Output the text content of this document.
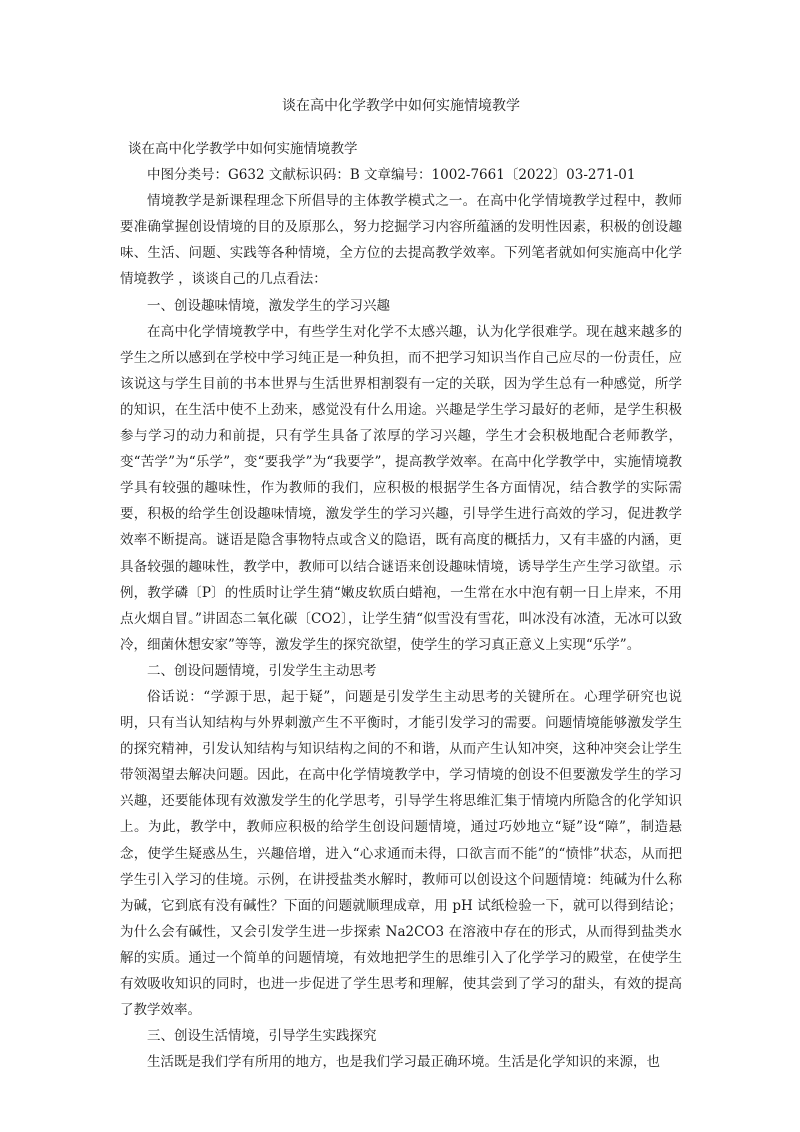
谈在高中化学教学中如何实施情境教学

谈在高中化学教学中如何实施情境教学

中图分类号：G632 文献标识码：B 文章编号：1002-7661〔2022〕03-271-01

情境教学是新课程理念下所倡导的主体教学模式之一。在高中化学情境教学过程中，教师要准确掌握创设情境的目的及原那么，努力挖掘学习内容所蕴涵的发明性因素，积极的创设趣味、生活、问题、实践等各种情境，全方位的去提高教学效率。下列笔者就如何实施高中化学情境教学 ，谈谈自己的几点看法：

一、创设趣味情境，激发学生的学习兴趣

在高中化学情境教学中，有些学生对化学不太感兴趣，认为化学很难学。现在越来越多的学生之所以感到在学校中学习纯正是一种负担，而不把学习知识当作自己应尽的一份责任，应该说这与学生目前的书本世界与生活世界相割裂有一定的关联，因为学生总有一种感觉，所学的知识，在生活中使不上劲来，感觉没有什么用途。兴趣是学生学习最好的老师，是学生积极参与学习的动力和前提，只有学生具备了浓厚的学习兴趣，学生才会积极地配合老师教学，变“苦学”为“乐学”，变“要我学”为“我要学”，提高教学效率。在高中化学教学中，实施情境教学具有较强的趣味性，作为教师的我们，应积极的根据学生各方面情况，结合教学的实际需要，积极的给学生创设趣味情境，激发学生的学习兴趣，引导学生进行高效的学习，促进教学效率不断提高。谜语是隐含事物特点或含义的隐语，既有高度的概括力，又有丰盛的内涵，更具备较强的趣味性，教学中，教师可以结合谜语来创设趣味情境，诱导学生产生学习欲望。示例，教学磷〔P〕的性质时让学生猜“嫩皮软质白蜡袍，一生常在水中泡有朝一日上岸来，不用点火烟自冒。”讲固态二氧化碳〔CO2〕，让学生猜“似雪没有雪花，叫冰没有冰渣，无冰可以致冷，细菌休想安家”等等，激发学生的探究欲望，使学生的学习真正意义上实现“乐学”。

二、创设问题情境，引发学生主动思考

俗话说：“学源于思，起于疑”，问题是引发学生主动思考的关键所在。心理学研究也说明，只有当认知结构与外界刺激产生不平衡时，才能引发学习的需要。问题情境能够激发学生的探究精神，引发认知结构与知识结构之间的不和谐，从而产生认知冲突，这种冲突会让学生带领渴望去解决问题。因此，在高中化学情境教学中，学习情境的创设不但要激发学生的学习兴趣，还要能体现有效激发学生的化学思考，引导学生将思维汇集于情境内所隐含的化学知识上。为此，教学中，教师应积极的给学生创设问题情境，通过巧妙地立“疑”设“障”，制造悬念，使学生疑惑丛生，兴趣倍增，进入“心求通而未得，口欲言而不能”的“愤悱”状态，从而把学生引入学习的佳境。示例，在讲授盐类水解时，教师可以创设这个问题情境：纯碱为什么称为碱，它到底有没有碱性？下面的问题就顺理成章，用 pH 试纸检验一下，就可以得到结论；为什么会有碱性，又会引发学生进一步探索 Na2CO3 在溶液中存在的形式，从而得到盐类水解的实质。通过一个简单的问题情境，有效地把学生的思维引入了化学学习的殿堂，在使学生有效吸收知识的同时，也进一步促进了学生思考和理解，使其尝到了学习的甜头，有效的提高了教学效率。

三、创设生活情境，引导学生实践探究

生活既是我们学有所用的地方，也是我们学习最正确环境。生活是化学知识的来源，也
